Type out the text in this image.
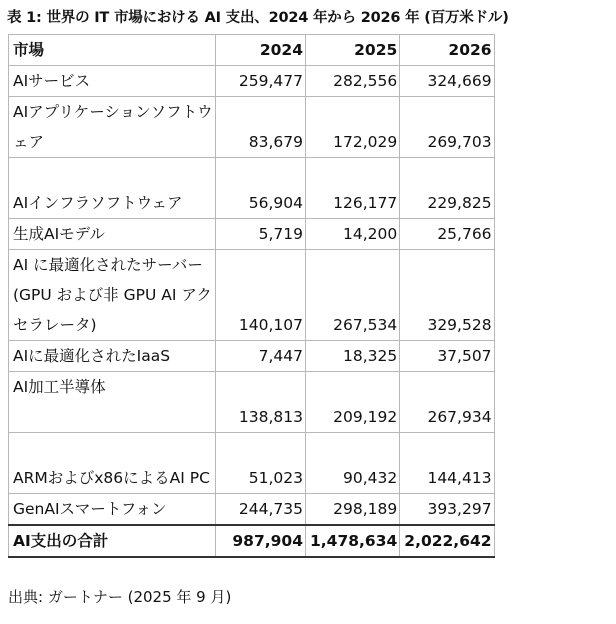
表 1: 世界の IT 市場における AI 支出、2024 年から 2026 年 (百万米ドル)
市場	2024	2025	2026
AIサービス	259,477	282,556	324,669
AIアプリケーションソフトウェア	83,679	172,029	269,703
AIインフラソフトウェア	56,904	126,177	229,825
生成AIモデル	5,719	14,200	25,766
AI に最適化されたサーバー (GPU および非 GPU AI アクセラレータ)	140,107	267,534	329,528
AIに最適化されたIaaS	7,447	18,325	37,507
AI加工半導体	138,813	209,192	267,934
ARMおよびx86によるAI PC	51,023	90,432	144,413
GenAIスマートフォン	244,735	298,189	393,297
AI支出の合計	987,904	1,478,634	2,022,642
出典: ガートナー (2025 年 9 月)
